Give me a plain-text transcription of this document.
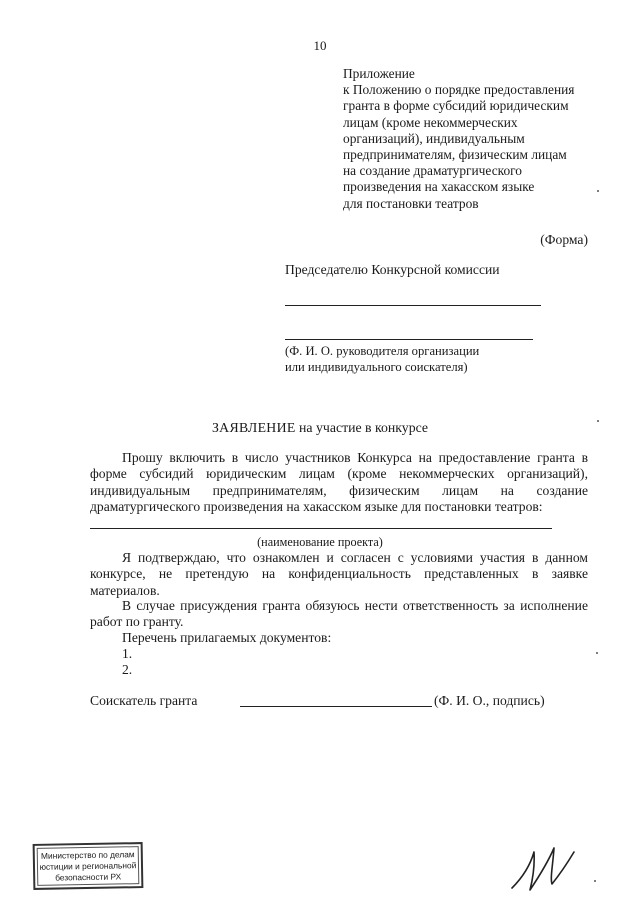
10
Приложение
к Положению о порядке предоставления
гранта в форме субсидий юридическим
лицам (кроме некоммерческих
организаций), индивидуальным
предпринимателям, физическим лицам
на создание драматургического
произведения на хакасском языке
для постановки театров
(Форма)
Председателю Конкурсной комиссии
(Ф. И. О. руководителя организации
или индивидуального соискателя)
ЗАЯВЛЕНИЕ на участие в конкурсе
Прошу включить в число участников Конкурса на предоставление гранта в форме субсидий юридическим лицам (кроме некоммерческих организаций), индивидуальным предпринимателям, физическим лицам на создание драматургического произведения на хакасском языке для постановки театров:
(наименование проекта)
Я подтверждаю, что ознакомлен и согласен с условиями участия в данном конкурсе, не претендую на конфиденциальность представленных в заявке материалов.
В случае присуждения гранта обязуюсь нести ответственность за исполнение работ по гранту.
Перечень прилагаемых документов:
1.
2.
Соискатель гранта	(Ф. И. О., подпись)
Министерство по делам
юстиции и региональной
безопасности РХ
